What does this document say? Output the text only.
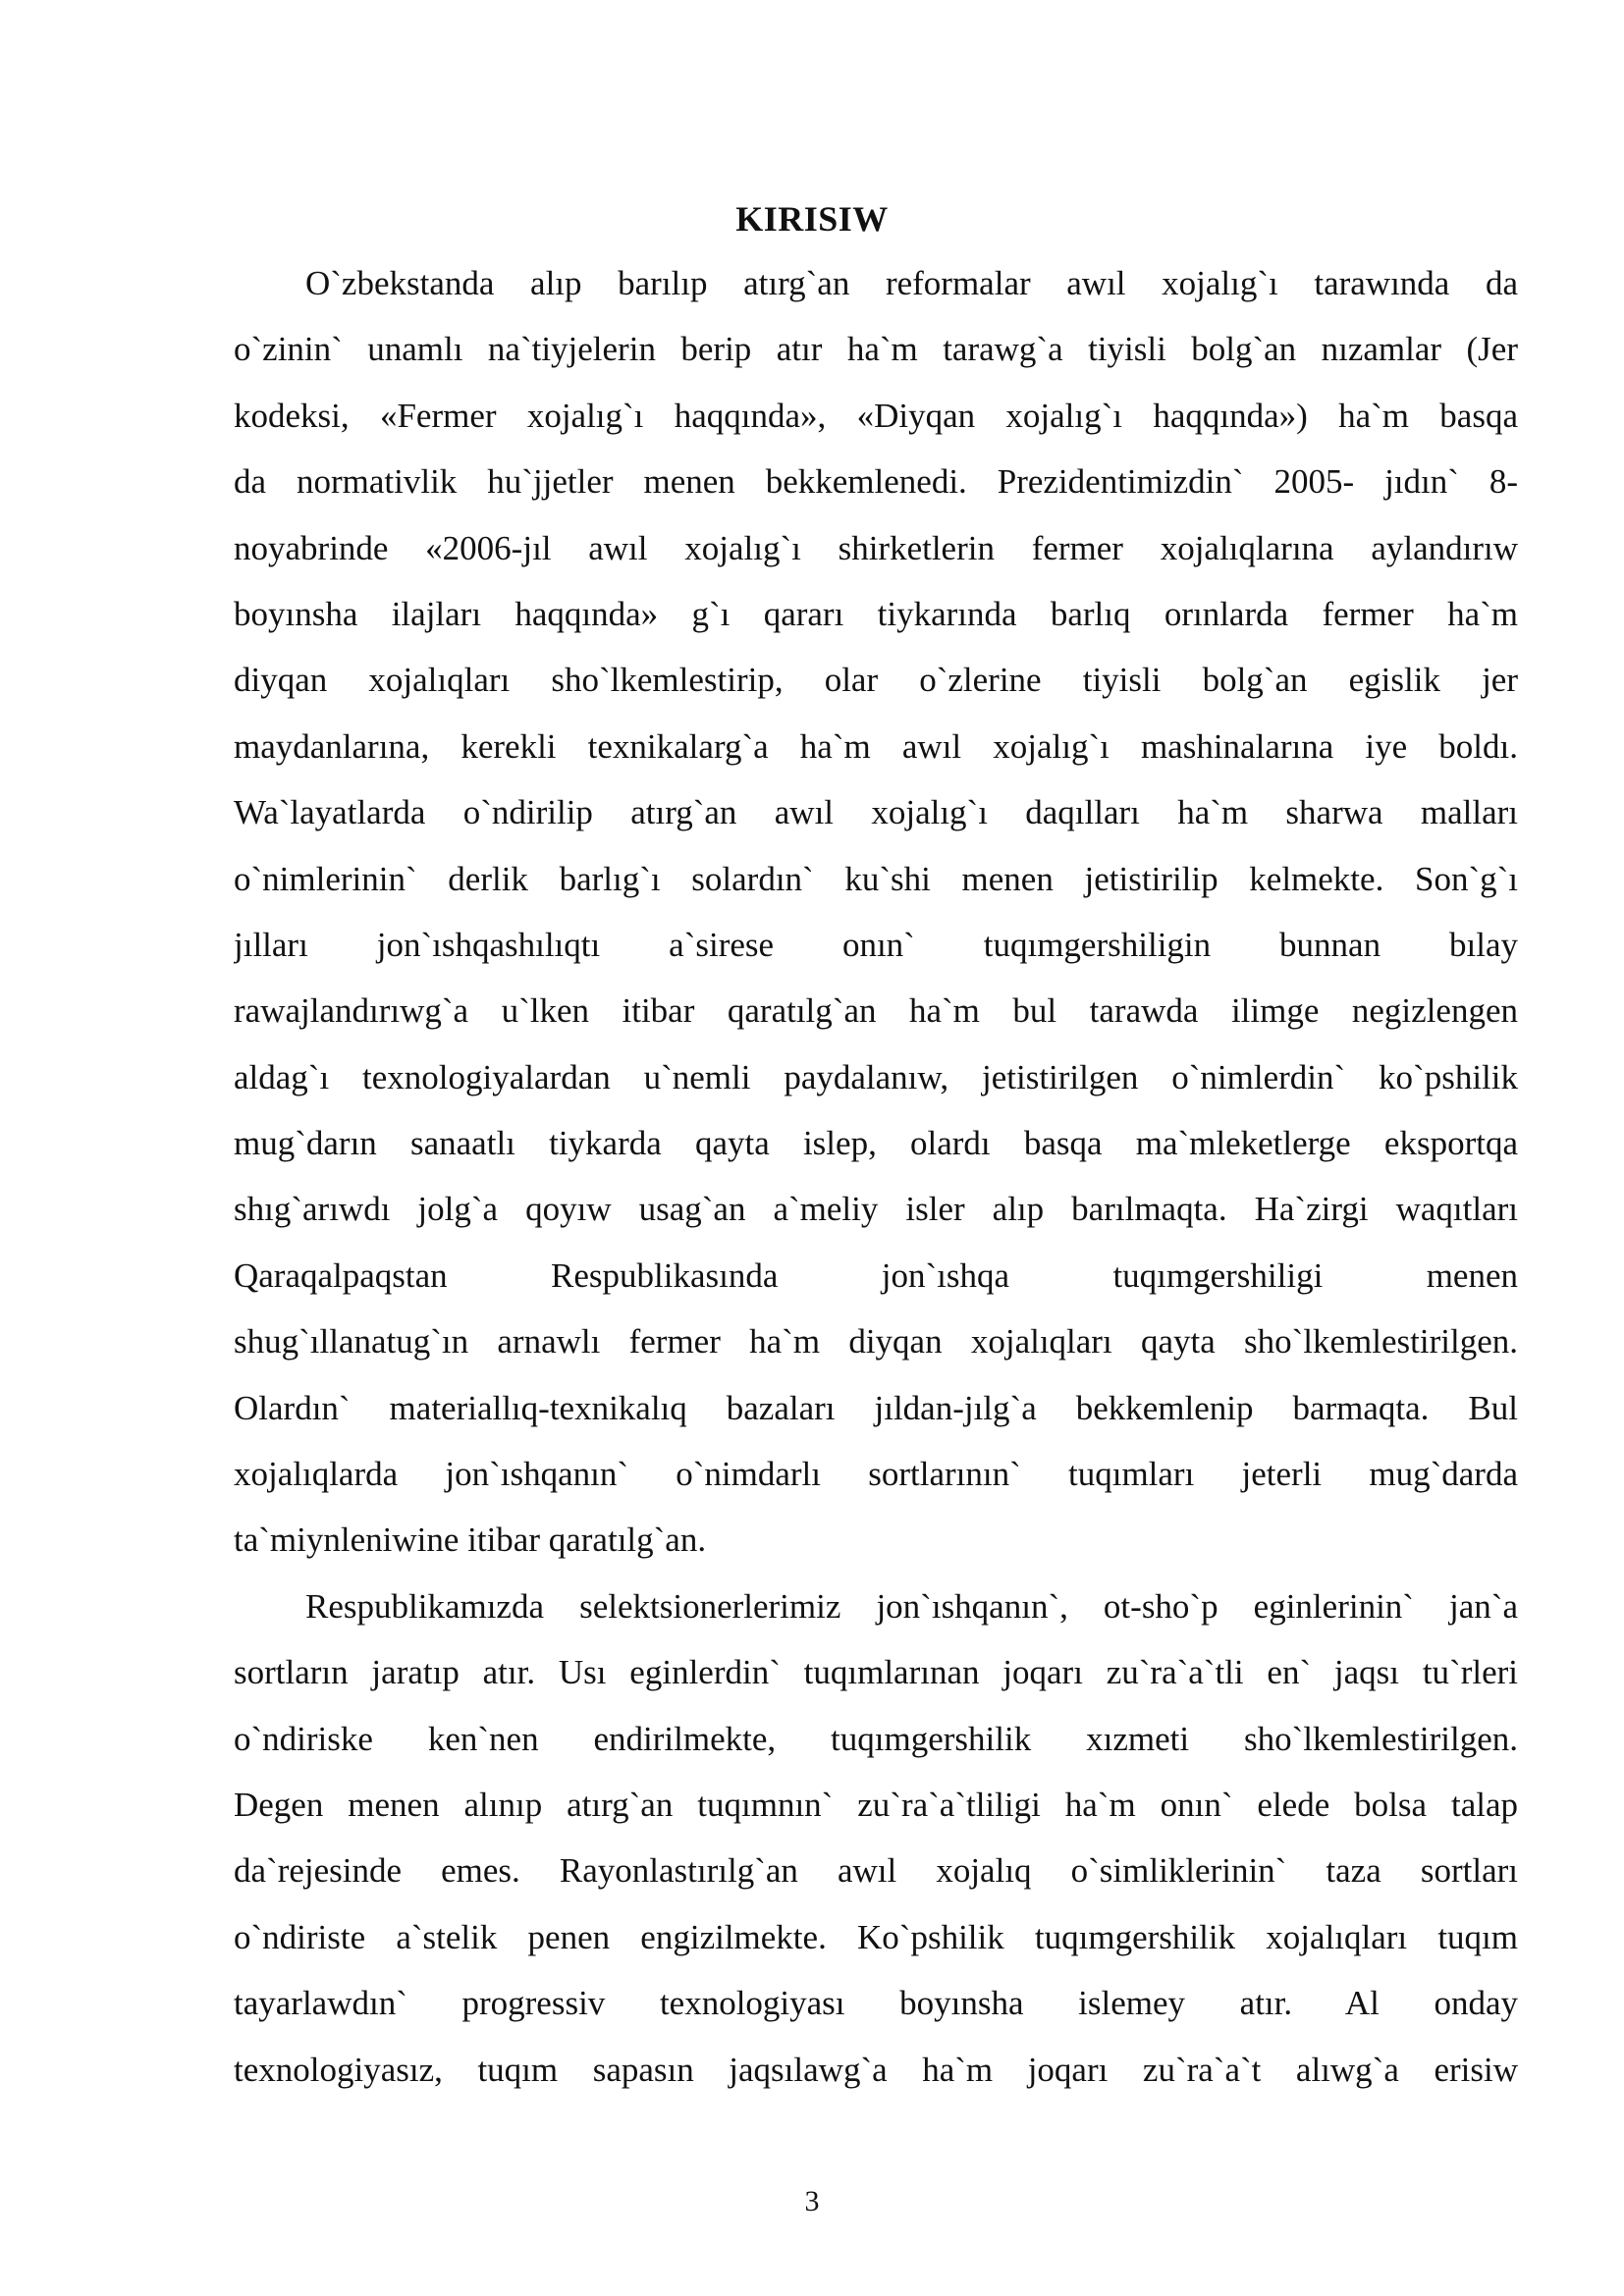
KIRISIW
O`zbekstanda alıp barılıp atırg`an reformalar awıl xojalıg`ı tarawında da
o`zinin` unamlı na`tiyjelerin berip atır ha`m tarawg`a tiyisli bolg`an nızamlar (Jer
kodeksi, «Fermer xojalıg`ı haqqında», «Diyqan xojalıg`ı haqqında») ha`m basqa
da normativlik hu`jjetler menen bekkemlenedi. Prezidentimizdin` 2005- jıdın` 8-
noyabrinde «2006-jıl awıl xojalıg`ı shirketlerin fermer xojalıqlarına aylandırıw
boyınsha ilajları haqqında» g`ı qararı tiykarında barlıq orınlarda fermer ha`m
diyqan xojalıqları sho`lkemlestirip, olar o`zlerine tiyisli bolg`an egislik jer
maydanlarına, kerekli texnikalarg`a ha`m awıl xojalıg`ı mashinalarına iye boldı.
Wa`layatlarda o`ndirilip atırg`an awıl xojalıg`ı daqılları ha`m sharwa malları
o`nimlerinin` derlik barlıg`ı solardın` ku`shi menen jetistirilip kelmekte. Son`g`ı
jılları jon`ıshqashılıqtı a`sirese onın` tuqımgershiligin bunnan bılay
rawajlandırıwg`a u`lken itibar qaratılg`an ha`m bul tarawda ilimge negizlengen
aldag`ı texnologiyalardan u`nemli paydalanıw, jetistirilgen o`nimlerdin` ko`pshilik
mug`darın sanaatlı tiykarda qayta islep, olardı basqa ma`mleketlerge eksportqa
shıg`arıwdı jolg`a qoyıw usag`an a`meliy isler alıp barılmaqta. Ha`zirgi waqıtları
Qaraqalpaqstan Respublikasında jon`ıshqa tuqımgershiligi menen
shug`ıllanatug`ın arnawlı fermer ha`m diyqan xojalıqları qayta sho`lkemlestirilgen.
Olardın` materiallıq-texnikalıq bazaları jıldan-jılg`a bekkemlenip barmaqta. Bul
xojalıqlarda jon`ıshqanın` o`nimdarlı sortlarının` tuqımları jeterli mug`darda
ta`miynleniwine itibar qaratılg`an.
Respublikamızda selektsionerlerimiz jon`ıshqanın`, ot-sho`p eginlerinin` jan`a
sortların jaratıp atır. Usı eginlerdin` tuqımlarınan joqarı zu`ra`a`tli en` jaqsı tu`rleri
o`ndiriske ken`nen endirilmekte, tuqımgershilik xızmeti sho`lkemlestirilgen.
Degen menen alınıp atırg`an tuqımnın` zu`ra`a`tliligi ha`m onın` elede bolsa talap
da`rejesinde emes. Rayonlastırılg`an awıl xojalıq o`simliklerinin` taza sortları
o`ndiriste a`stelik penen engizilmekte. Ko`pshilik tuqımgershilik xojalıqları tuqım
tayarlawdın` progressiv texnologiyası boyınsha islemey atır. Al onday
texnologiyasız, tuqım sapasın jaqsılawg`a ha`m joqarı zu`ra`a`t alıwg`a erisiw
3
